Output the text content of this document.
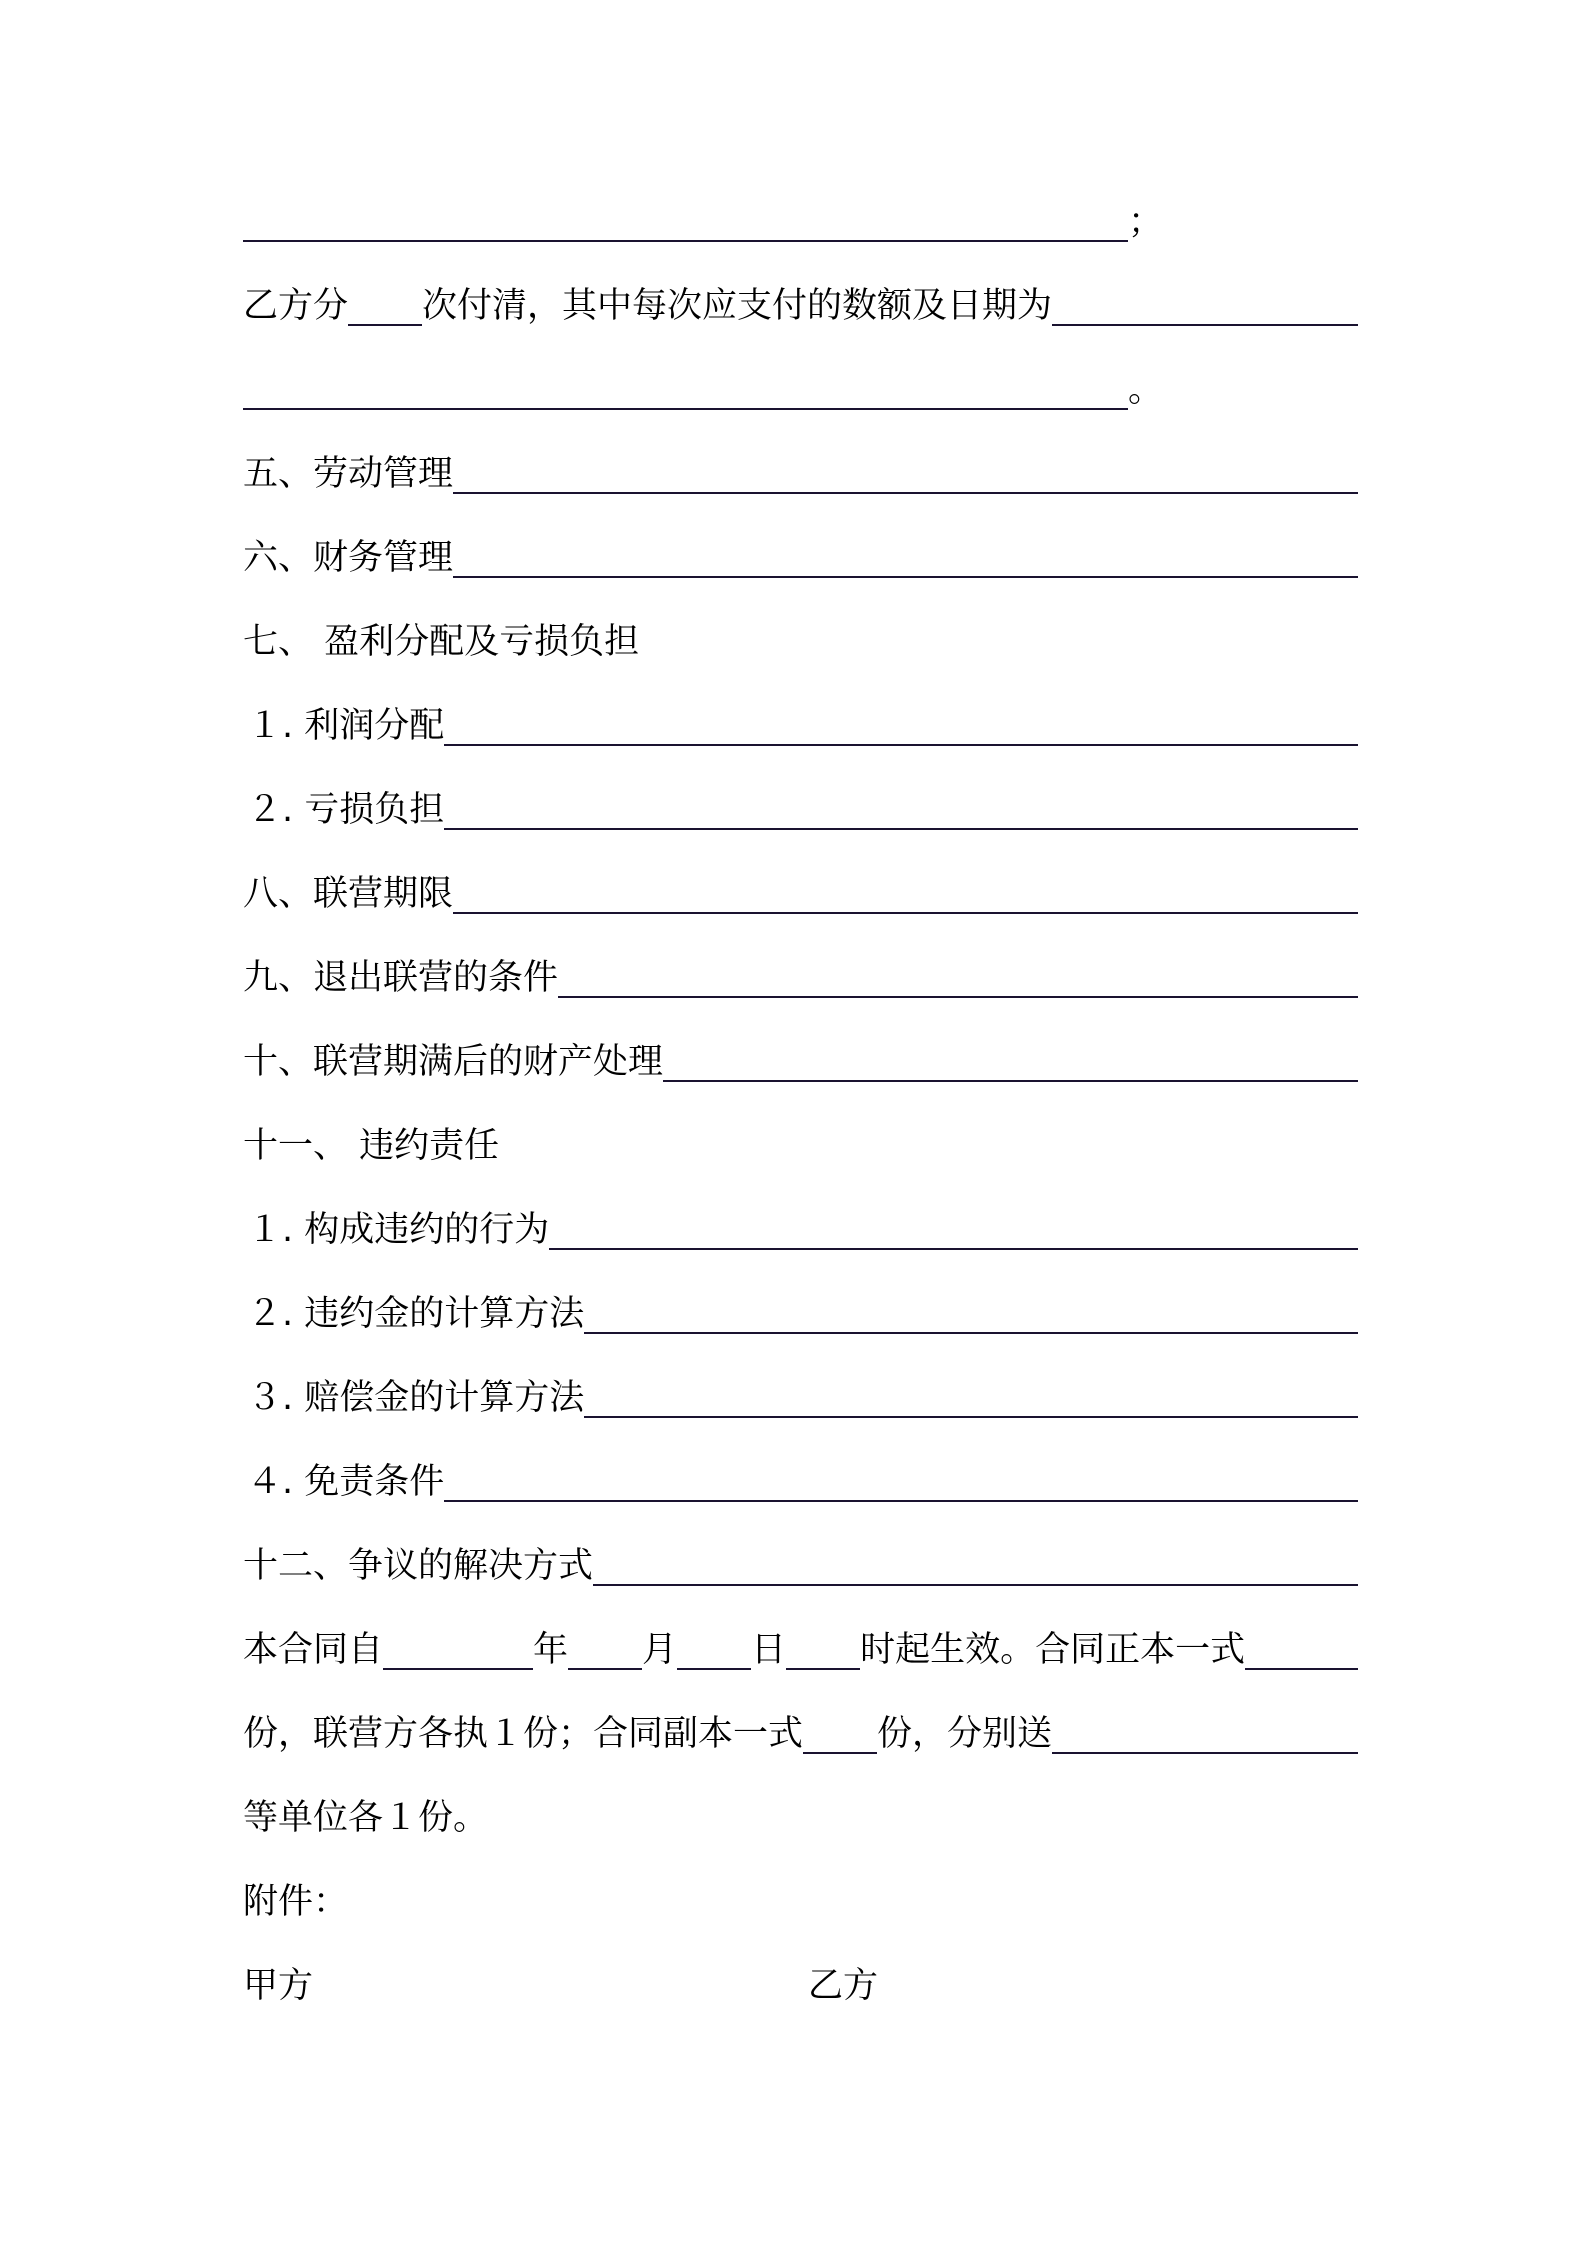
；
乙方分 次付清，其中每次应支付的数额及日期为
。
五、劳动管理
六、财务管理
七、 盈利分配及亏损负担
１. 利润分配
２. 亏损负担
八、联营期限
九、退出联营的条件
十、联营期满后的财产处理
十一、 违约责任
１. 构成违约的行为
２. 违约金的计算方法
３. 赔偿金的计算方法
４. 免责条件
十二、争议的解决方式
本合同自	年 月 日 时起生效。合同正本一式
份，联营方各执１份；合同副本一式 份，分别送
等单位各１份。
附件：
甲方	乙方
